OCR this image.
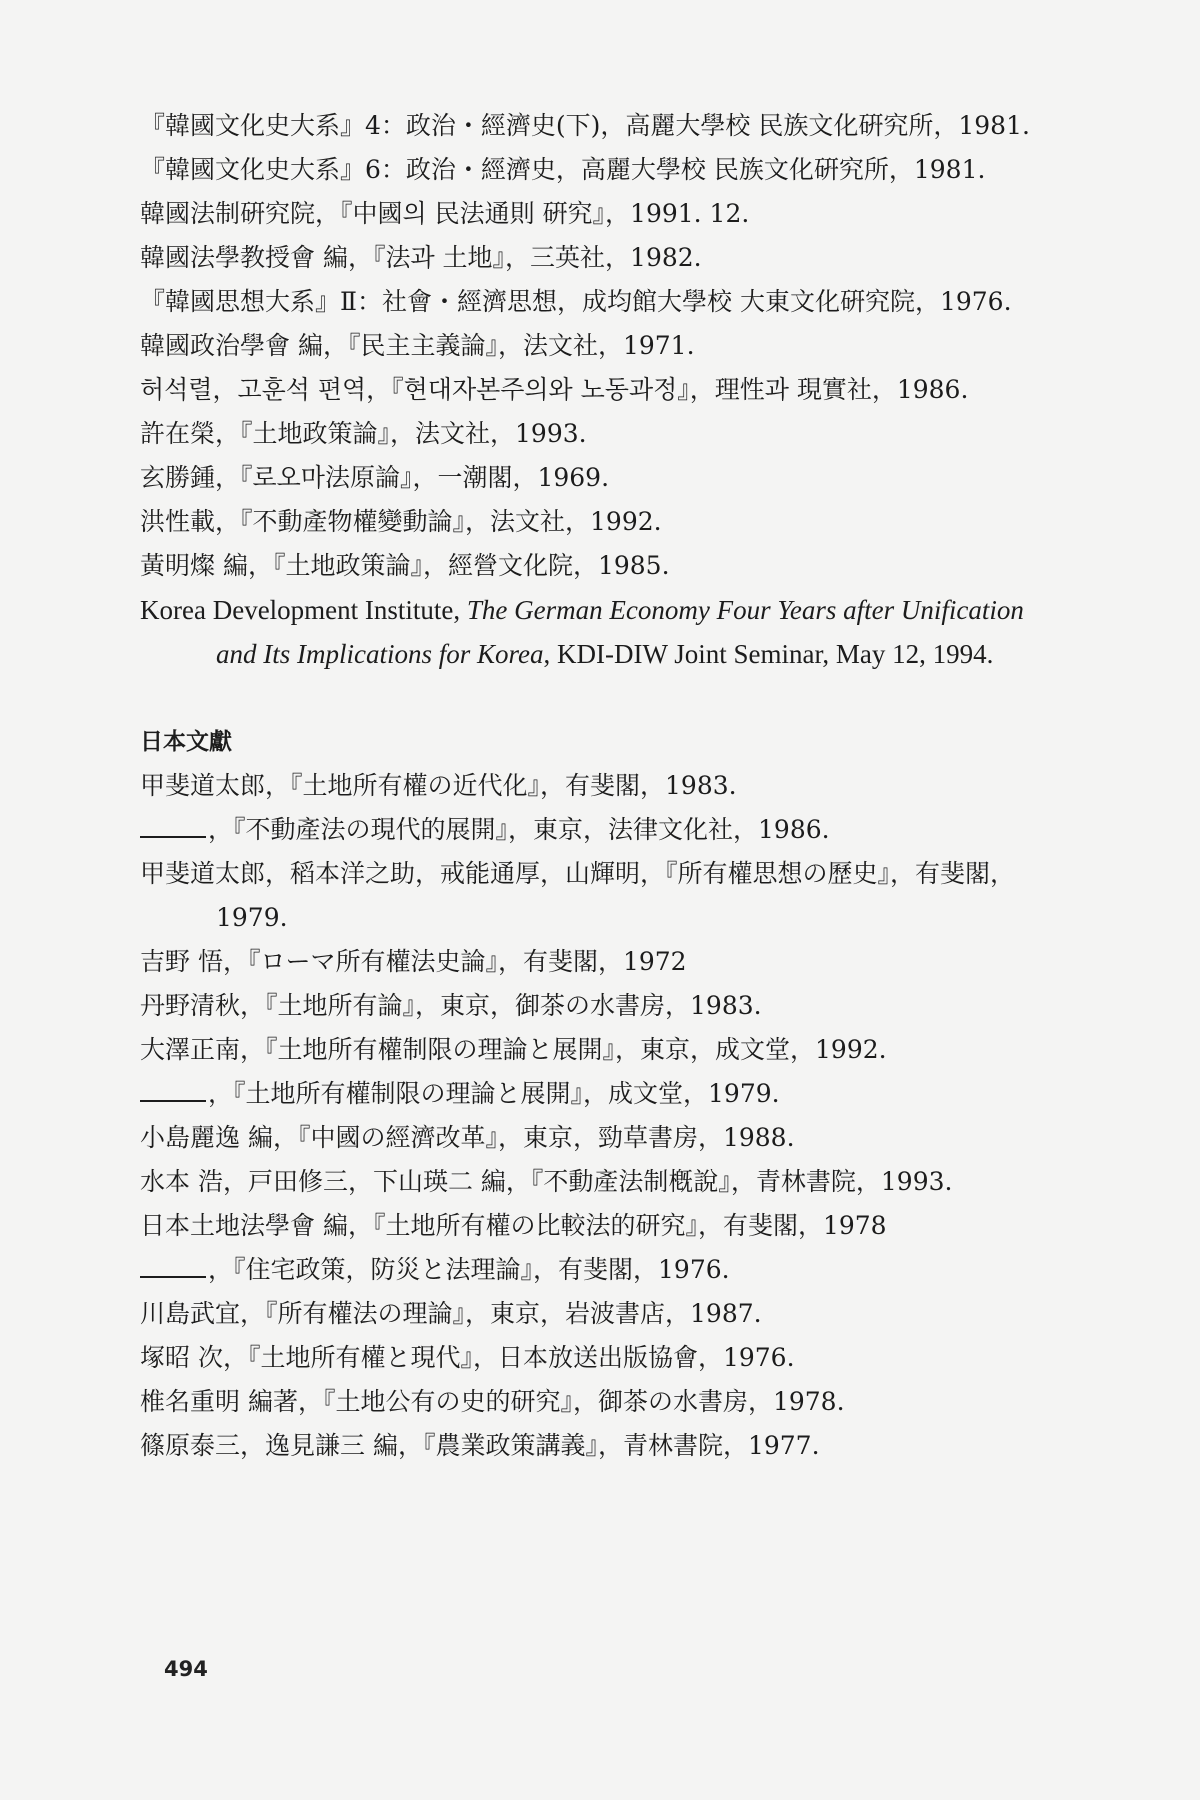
『韓國文化史大系』4：政治・經濟史(下)，高麗大學校 民族文化硏究所，1981.
『韓國文化史大系』6：政治・經濟史，高麗大學校 民族文化硏究所，1981.
韓國法制硏究院，『中國의 民法通則 硏究』，1991. 12.
韓國法學教授會 編，『法과 土地』，三英社，1982.
『韓國思想大系』Ⅱ：社會・經濟思想，成均館大學校 大東文化硏究院，1976.
韓國政治學會 編，『民主主義論』，法文社，1971.
허석렬，고훈석 편역，『현대자본주의와 노동과정』，理性과 現實社，1986.
許在榮，『土地政策論』，法文社，1993.
玄勝鍾，『로오마法原論』，一潮閣，1969.
洪性載，『不動產物權變動論』，法文社，1992.
黃明燦 編，『土地政策論』，經營文化院，1985.
Korea Development Institute, The German Economy Four Years after Unification and Its Implications for Korea, KDI-DIW Joint Seminar, May 12, 1994.
日本文獻
甲斐道太郎，『土地所有權の近代化』，有斐閣，1983.
，『不動產法の現代的展開』，東京，法律文化社，1986.
甲斐道太郎，稻本洋之助，戒能通厚，山輝明，『所有權思想の歷史』，有斐閣，1979.
吉野 悟，『ローマ所有權法史論』，有斐閣，1972
丹野清秋，『土地所有論』，東京，御茶の水書房，1983.
大澤正南，『土地所有權制限の理論と展開』，東京，成文堂，1992.
，『土地所有權制限の理論と展開』，成文堂，1979.
小島麗逸 編，『中國の經濟改革』，東京，勁草書房，1988.
水本 浩，戸田修三，下山瑛二 編，『不動產法制槪說』，青林書院，1993.
日本土地法學會 編，『土地所有權の比較法的研究』，有斐閣，1978
，『住宅政策，防災と法理論』，有斐閣，1976.
川島武宜，『所有權法の理論』，東京，岩波書店，1987.
塚昭 次，『土地所有權と現代』，日本放送出版協會，1976.
椎名重明 編著，『土地公有の史的研究』，御茶の水書房，1978.
篠原泰三，逸見謙三 編，『農業政策講義』，青林書院，1977.
494
